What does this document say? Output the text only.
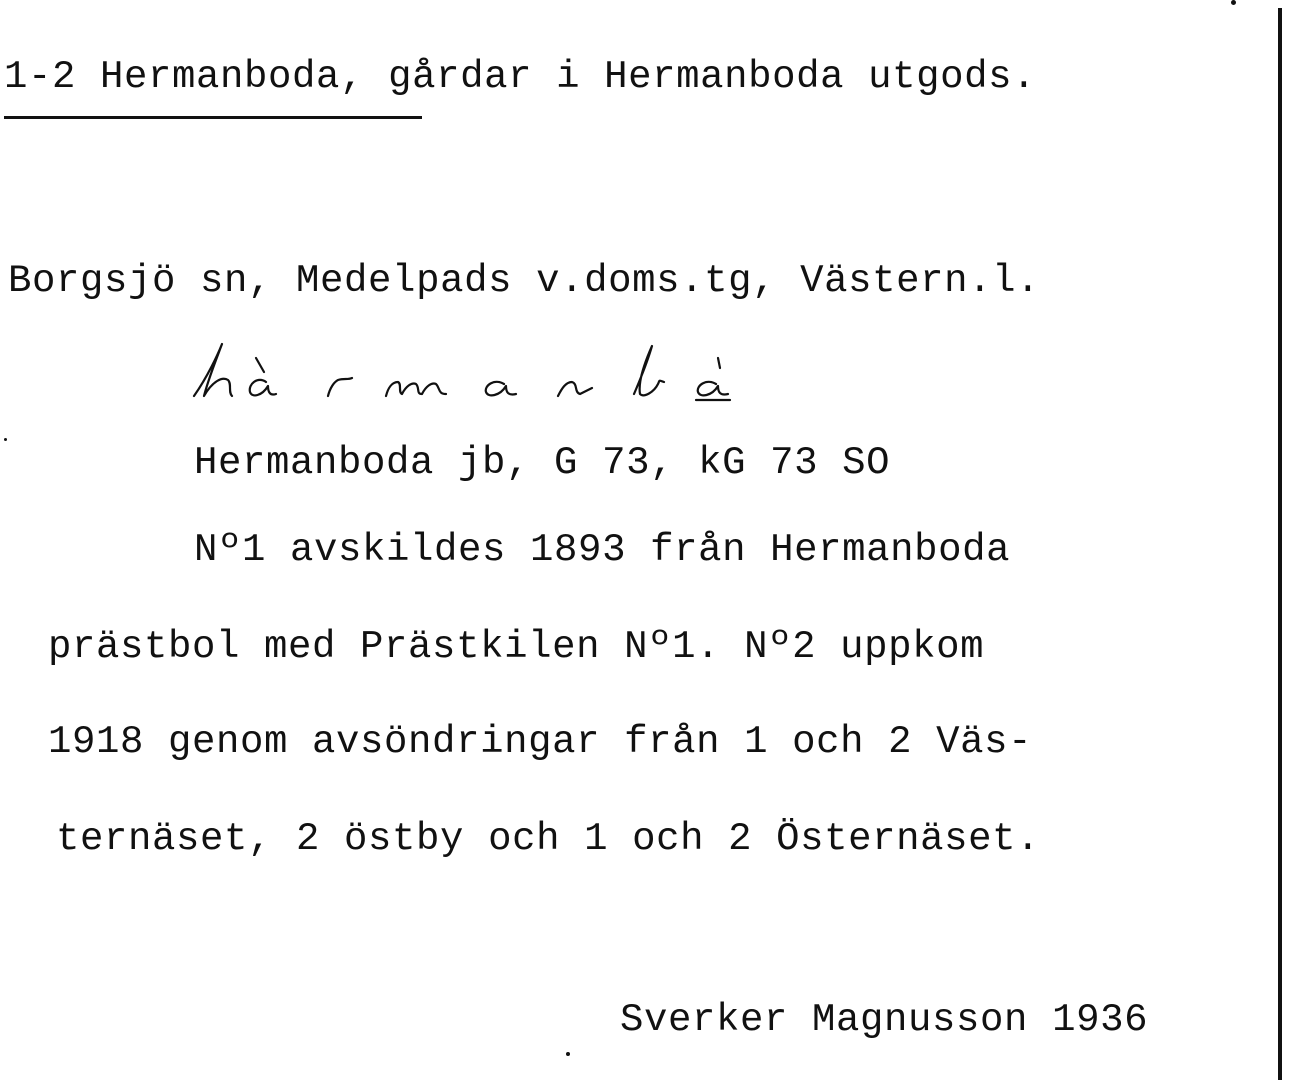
1-2 Hermanboda, gårdar i Hermanboda utgods.
Borgsjö sn, Medelpads v.doms.tg, Västern.l.
Hermanboda jb, G 73, kG 73 SO
Nº1 avskildes 1893 från Hermanboda
prästbol med Prästkilen Nº1. Nº2 uppkom
1918 genom avsöndringar från 1 och 2 Väs-
ternäset, 2 östby och 1 och 2 Östernäset.
Sverker Magnusson 1936
